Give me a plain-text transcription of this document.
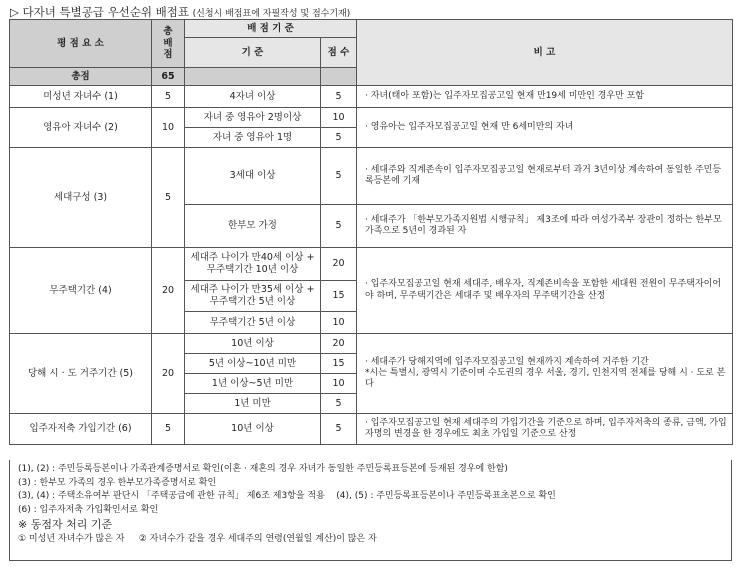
▷ 다자녀 특별공급 우선순위 배점표 (신청시 배점표에 자필작성 및 점수기재)
평 점 요 소	총
배
점	배 점 기 준		비 고
		기 준	점 수	
총점	65			
미성년 자녀수 (1)	5	4자녀 이상	5	· 자녀(태아 포함)는 입주자모집공고일 현재 만19세 미만인 경우만 포함
영유아 자녀수 (2)	10	자녀 중 영유아 2명이상	10	· 영유아는 입주자모집공고일 현재 만 6세미만의 자녀
		자녀 중 영유아 1명	5	
세대구성 (3)	5	3세대 이상	5	· 세대주와 직계존속이 입주자모집공고일 현재로부터 과거 3년이상 계속하여 동일한 주민등록등본에 기재
		한부모 가정	5	· 세대주가 「한부모가족지원법 시행규칙」 제3조에 따라 여성가족부 장관이 정하는 한부모 가족으로 5년이 경과된 자
무주택기간 (4)	20	세대주 나이가 만40세 이상 + 무주택기간 10년 이상	20	· 입주자모집공고일 현재 세대주, 배우자, 직계존비속을 포함한 세대원 전원이 무주택자이어야 하며, 무주택기간은 세대주 및 배우자의 무주택기간을 산정
		세대주 나이가 만35세 이상 + 무주택기간 5년 이상	15	
		무주택기간 5년 이상	10	
당해 시 · 도 거주기간 (5)	20	10년 이상	20	· 세대주가 당해지역에 입주자모집공고일 현재까지 계속하여 거주한 기간
*시는 특별시, 광역시 기준이며 수도권의 경우 서울, 경기, 인천지역 전체를 당해 시 · 도로 본다
		5년 이상~10년 미만	15	
		1년 이상~5년 미만	10	
		1년 미만	5	
입주자저축 가입기간 (6)	5	10년 이상	5	· 입주자모집공고일 현재 세대주의 가입기간을 기준으로 하며, 입주자저축의 종류, 금액, 가입자명의 변경을 한 경우에도 최초 가입일 기준으로 산정
(1), (2) : 주민등록등본이나 가족관계증명서로 확인(이혼 · 재혼의 경우 자녀가 동일한 주민등록표등본에 등재된 경우에 한함)
(3) : 한부모 가족의 경우 한부모가족증명서로 확인
(3), (4) : 주택소유여부 판단시 「주택공급에 관한 규칙」 제6조 제3항을 적용    (4), (5) : 주민등록표등본이나 주민등록표초본으로 확인
(6) : 입주자저축 가입확인서로 확인
※ 동점자 처리 기준
① 미성년 자녀수가 많은 자     ② 자녀수가 같을 경우 세대주의 연령(연월일 계산)이 많은 자
